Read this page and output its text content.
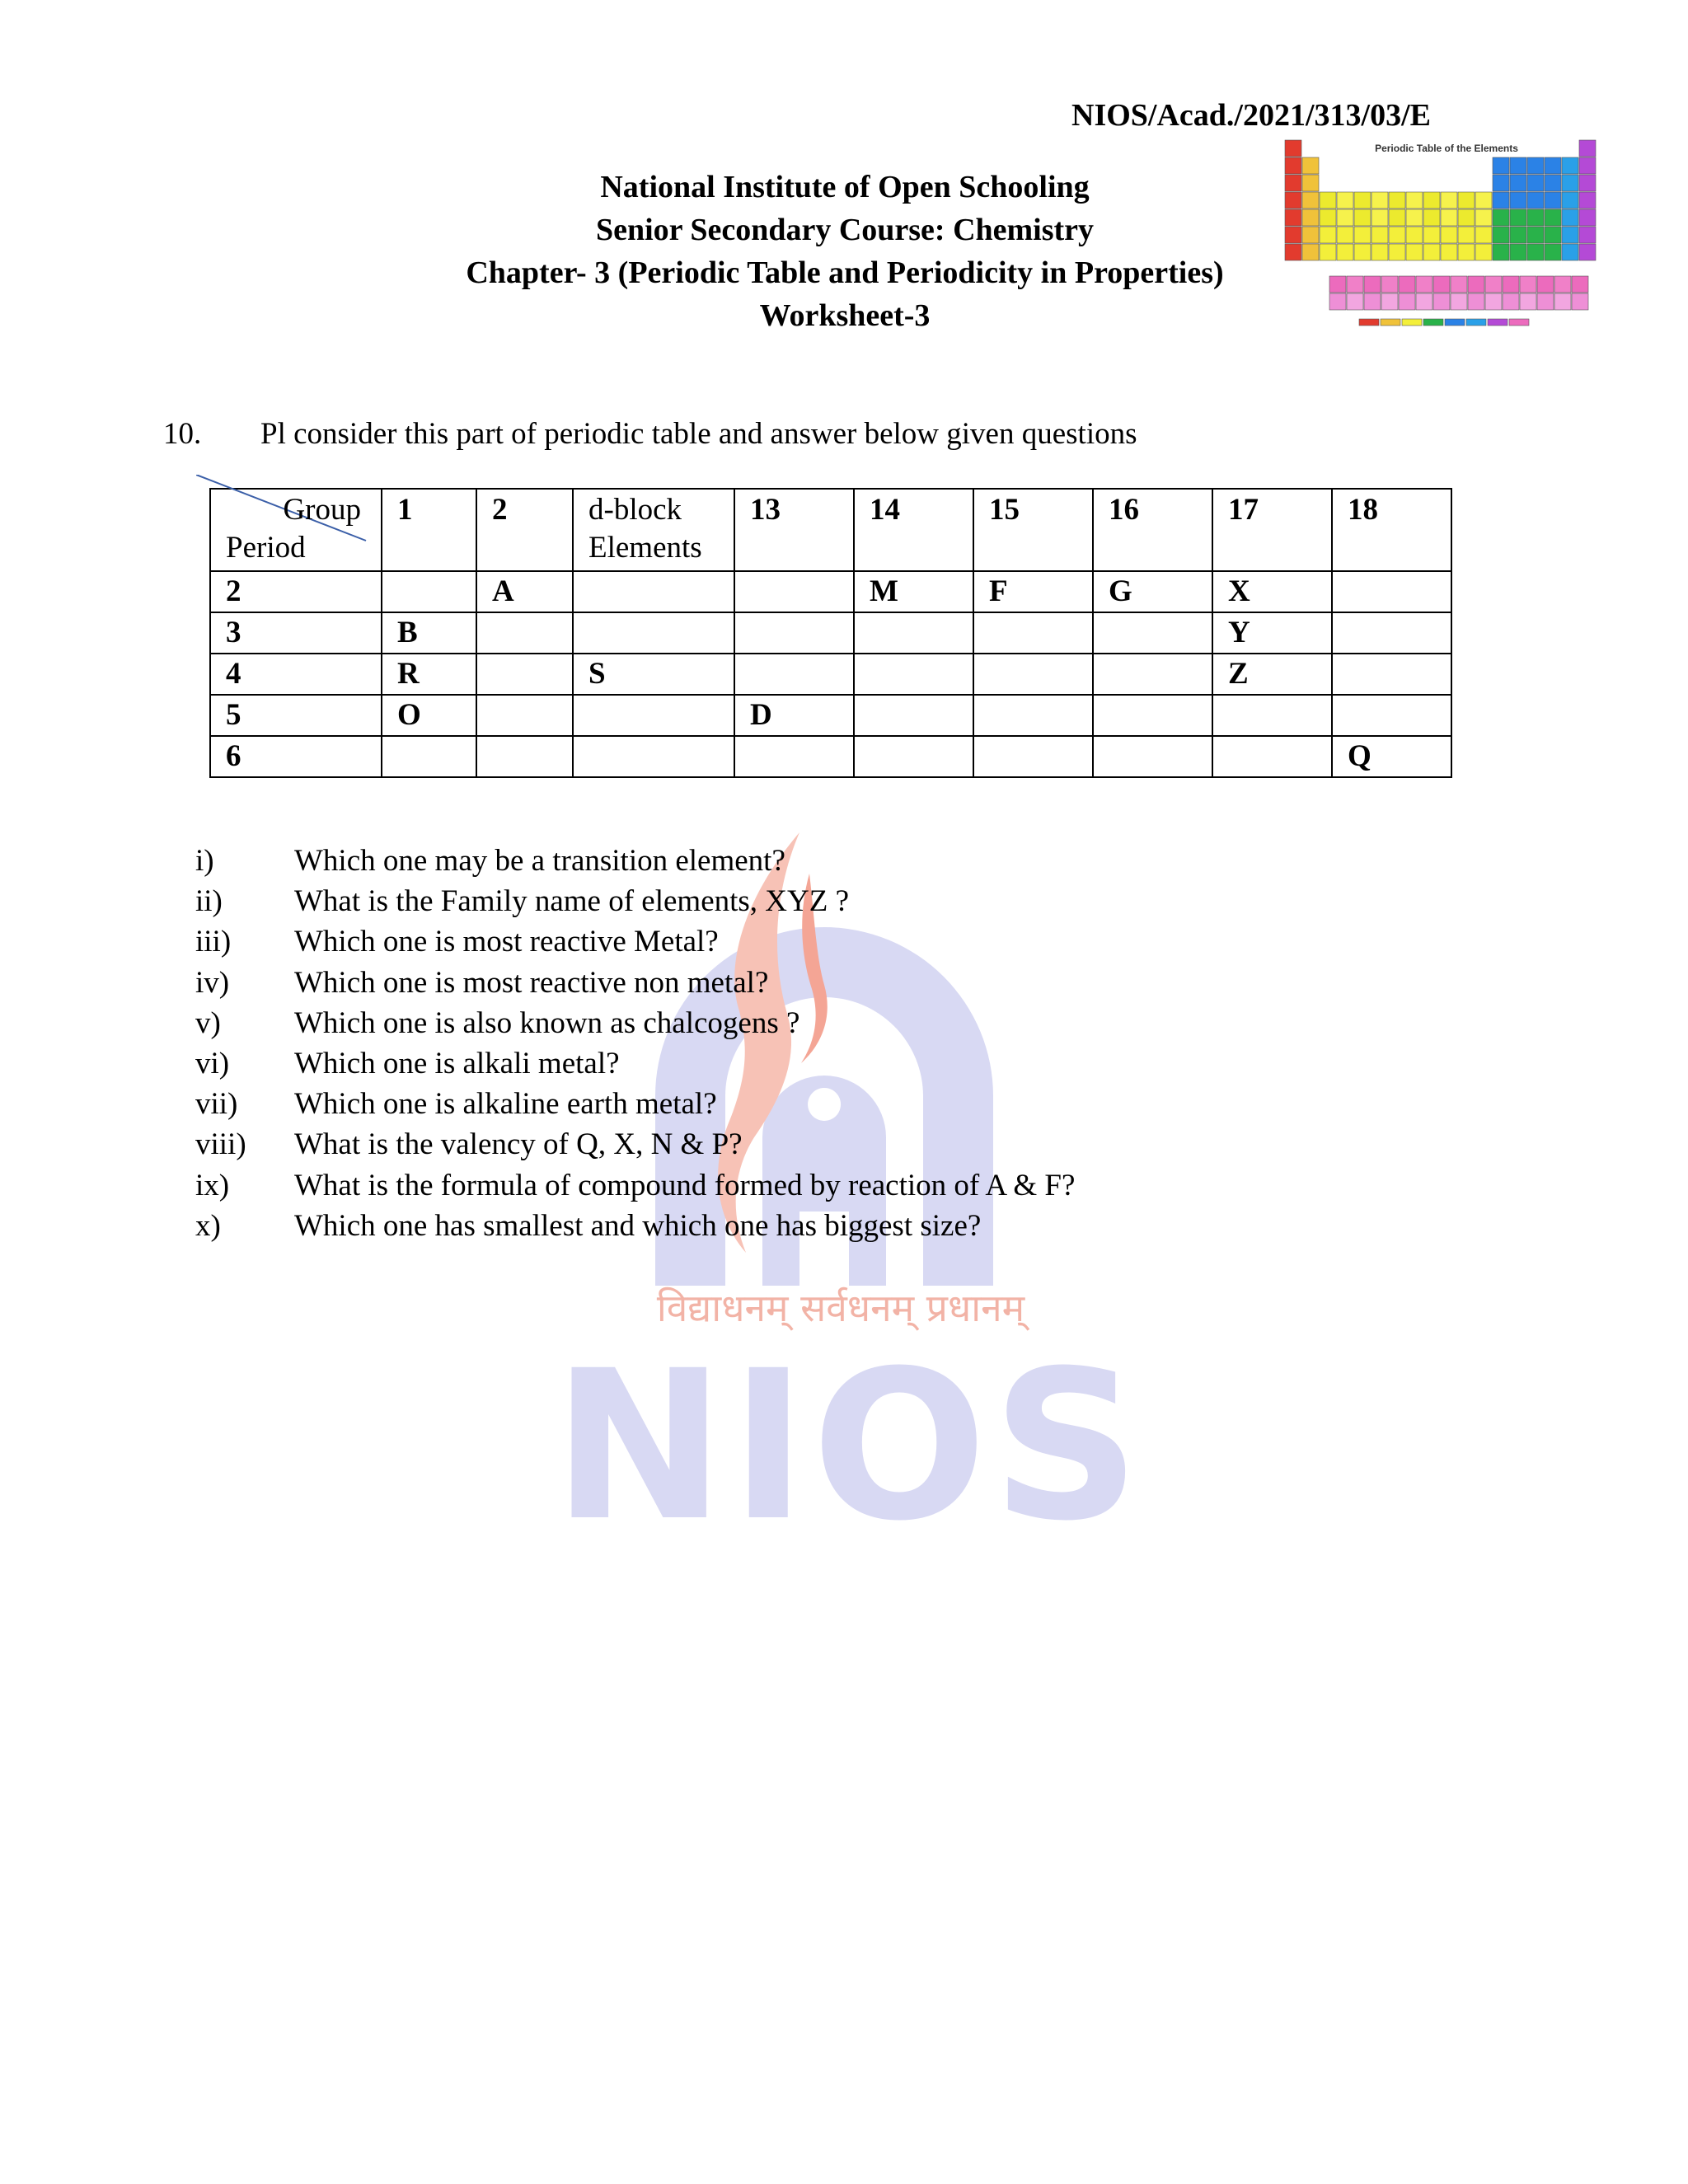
विद्याधनम् सर्वधनम् प्रधानम्
NIOS
NIOS/Acad./2021/313/03/E
National Institute of Open Schooling
Senior Secondary Course: Chemistry
Chapter- 3 (Periodic Table and Periodicity in Properties)
Worksheet-3
Periodic Table of the Elements
10. Pl consider this part of periodic table and answer below given questions
Group
Period	1	2	d-block Elements	13	14	15	16	17	18
2		A			M	F	G	X	
3	B							Y	
4	R		S					Z	
5	O			D					
6									Q
i)	Which one may be a transition element?
ii) What is the Family name of elements, XYZ ?
iii) Which one is most reactive Metal?
iv) Which one is most reactive non metal?
v) Which one is also known as chalcogens ?
vi) Which one is alkali metal?
vii) Which one is alkaline earth metal?
viii) What is the valency of Q, X, N & P?
ix) What is the formula of compound formed by reaction of A & F?
x) Which one has smallest and which one has biggest size?
